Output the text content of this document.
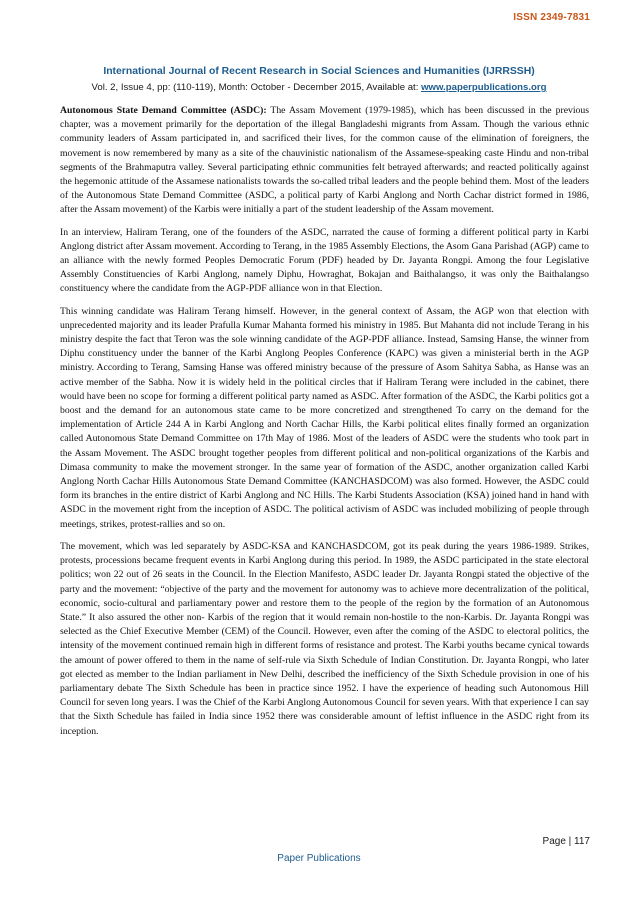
ISSN 2349-7831
International Journal of Recent Research in Social Sciences and Humanities (IJRRSSH)
Vol. 2, Issue 4, pp: (110-119), Month: October - December 2015, Available at: www.paperpublications.org

Autonomous State Demand Committee (ASDC): The Assam Movement (1979-1985), which has been discussed in the previous chapter, was a movement primarily for the deportation of the illegal Bangladeshi migrants from Assam. Though the various ethnic community leaders of Assam participated in, and sacrificed their lives, for the common cause of the elimination of foreigners, the movement is now remembered by many as a site of the chauvinistic nationalism of the Assamese-speaking caste Hindu and non-tribal segments of the Brahmaputra valley. Several participating ethnic communities felt betrayed afterwards; and reacted politically against the hegemonic attitude of the Assamese nationalists towards the so-called tribal leaders and the people behind them. Most of the leaders of the Autonomous State Demand Committee (ASDC, a political party of Karbi Anglong and North Cachar district formed in 1986, after the Assam movement) of the Karbis were initially a part of the student leadership of the Assam movement.

In an interview, Haliram Terang, one of the founders of the ASDC, narrated the cause of forming a different political party in Karbi Anglong district after Assam movement. According to Terang, in the 1985 Assembly Elections, the Asom Gana Parishad (AGP) came to an alliance with the newly formed Peoples Democratic Forum (PDF) headed by Dr. Jayanta Rongpi. Among the four Legislative Assembly Constituencies of Karbi Anglong, namely Diphu, Howraghat, Bokajan and Baithalangso, it was only the Baithalangso constituency where the candidate from the AGP-PDF alliance won in that Election.

This winning candidate was Haliram Terang himself. However, in the general context of Assam, the AGP won that election with unprecedented majority and its leader Prafulla Kumar Mahanta formed his ministry in 1985. But Mahanta did not include Terang in his ministry despite the fact that Teron was the sole winning candidate of the AGP-PDF alliance. Instead, Samsing Hanse, the winner from Diphu constituency under the banner of the Karbi Anglong Peoples Conference (KAPC) was given a ministerial berth in the AGP ministry. According to Terang, Samsing Hanse was offered ministry because of the pressure of Asom Sahitya Sabha, as Hanse was an active member of the Sabha. Now it is widely held in the political circles that if Haliram Terang were included in the cabinet, there would have been no scope for forming a different political party named as ASDC. After formation of the ASDC, the Karbi politics got a boost and the demand for an autonomous state came to be more concretized and strengthened To carry on the demand for the implementation of Article 244 A in Karbi Anglong and North Cachar Hills, the Karbi political elites finally formed an organization called Autonomous State Demand Committee on 17th May of 1986. Most of the leaders of ASDC were the students who took part in the Assam Movement. The ASDC brought together peoples from different political and non-political organizations of the Karbis and Dimasa community to make the movement stronger. In the same year of formation of the ASDC, another organization called Karbi Anglong North Cachar Hills Autonomous State Demand Committee (KANCHASDCOM) was also formed. However, the ASDC could form its branches in the entire district of Karbi Anglong and NC Hills. The Karbi Students Association (KSA) joined hand in hand with ASDC in the movement right from the inception of ASDC. The political activism of ASDC was included mobilizing of people through meetings, strikes, protest-rallies and so on.

The movement, which was led separately by ASDC-KSA and KANCHASDCOM, got its peak during the years 1986-1989. Strikes, protests, processions became frequent events in Karbi Anglong during this period. In 1989, the ASDC participated in the state electoral politics; won 22 out of 26 seats in the Council. In the Election Manifesto, ASDC leader Dr. Jayanta Rongpi stated the objective of the party and the movement: “objective of the party and the movement for autonomy was to achieve more decentralization of the political, economic, socio-cultural and parliamentary power and restore them to the people of the region by the formation of an Autonomous State.” It also assured the other non- Karbis of the region that it would remain non-hostile to the non-Karbis. Dr. Jayanta Rongpi was selected as the Chief Executive Member (CEM) of the Council. However, even after the coming of the ASDC to electoral politics, the intensity of the movement continued remain high in different forms of resistance and protest. The Karbi youths became cynical towards the amount of power offered to them in the name of self-rule via Sixth Schedule of Indian Constitution. Dr. Jayanta Rongpi, who later got elected as member to the Indian parliament in New Delhi, described the inefficiency of the Sixth Schedule provision in one of his parliamentary debate The Sixth Schedule has been in practice since 1952. I have the experience of heading such Autonomous Hill Council for seven long years. I was the Chief of the Karbi Anglong Autonomous Council for seven years. With that experience I can say that the Sixth Schedule has failed in India since 1952 there was considerable amount of leftist influence in the ASDC right from its inception.

Page | 117
Paper Publications
